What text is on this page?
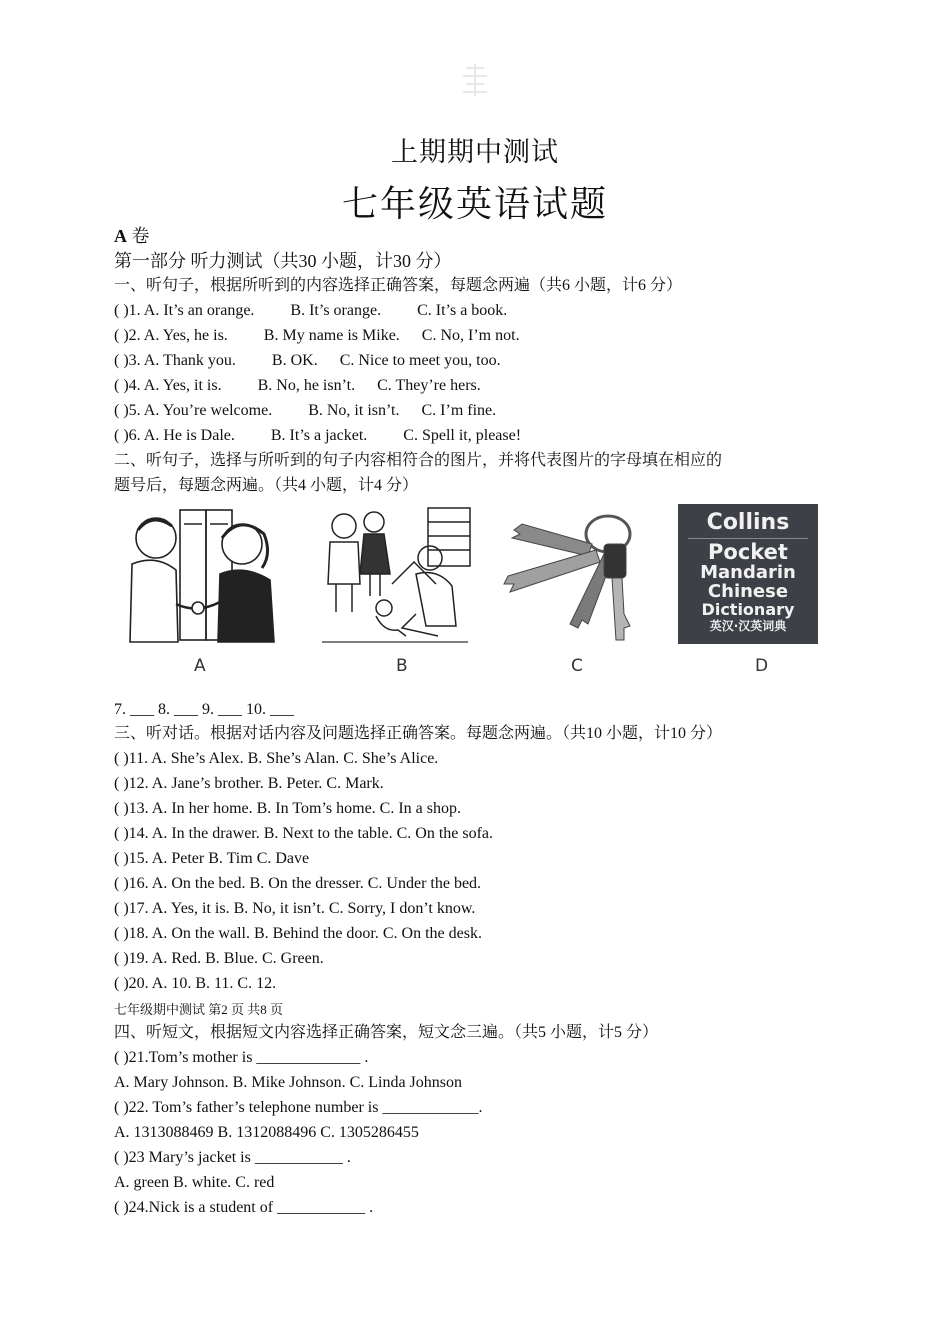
上期期中测试
七年级英语试题
A 卷
第一部分 听力测试（共30 小题，计30 分）
一、听句子，根据所听到的内容选择正确答案，每题念两遍（共6 小题，计6 分）
( )1. A. It’s an orange. B. It’s orange. C. It’s a book.
( )2. A. Yes, he is. B. My name is Mike. C. No, I’m not.
( )3. A. Thank you. B. OK. C. Nice to meet you, too.
( )4. A. Yes, it is. B. No, he isn’t. C. They’re hers.
( )5. A. You’re welcome. B. No, it isn’t. C. I’m fine.
( )6. A. He is Dale. B. It’s a jacket. C. Spell it, please!
二、听句子，选择与所听到的句子内容相符合的图片，并将代表图片的字母填在相应的
题号后，每题念两遍。（共4 小题，计4 分）
A	B	C
Collins
Pocket
Mandarin
Chinese
Dictionary
英汉·汉英词典
D
7. ___ 8. ___ 9. ___ 10. ___
三、听对话。根据对话内容及问题选择正确答案。每题念两遍。（共10 小题，计10 分）
( )11. A. She’s Alex. B. She’s Alan. C. She’s Alice.
( )12. A. Jane’s brother. B. Peter. C. Mark.
( )13. A. In her home. B. In Tom’s home. C. In a shop.
( )14. A. In the drawer. B. Next to the table. C. On the sofa.
( )15. A. Peter B. Tim C. Dave
( )16. A. On the bed. B. On the dresser. C. Under the bed.
( )17. A. Yes, it is. B. No, it isn’t. C. Sorry, I don’t know.
( )18. A. On the wall. B. Behind the door. C. On the desk.
( )19. A. Red. B. Blue. C. Green.
( )20. A. 10. B. 11. C. 12.
七年级期中测试 第2 页 共8 页
四、听短文，根据短文内容选择正确答案，短文念三遍。（共5 小题，计5 分）
( )21.Tom’s mother is _____________ .
A. Mary Johnson. B. Mike Johnson. C. Linda Johnson
( )22. Tom’s father’s telephone number is ____________.
A. 1313088469 B. 1312088496 C. 1305286455
( )23 Mary’s jacket is ___________ .
A. green B. white. C. red
( )24.Nick is a student of ___________ .
